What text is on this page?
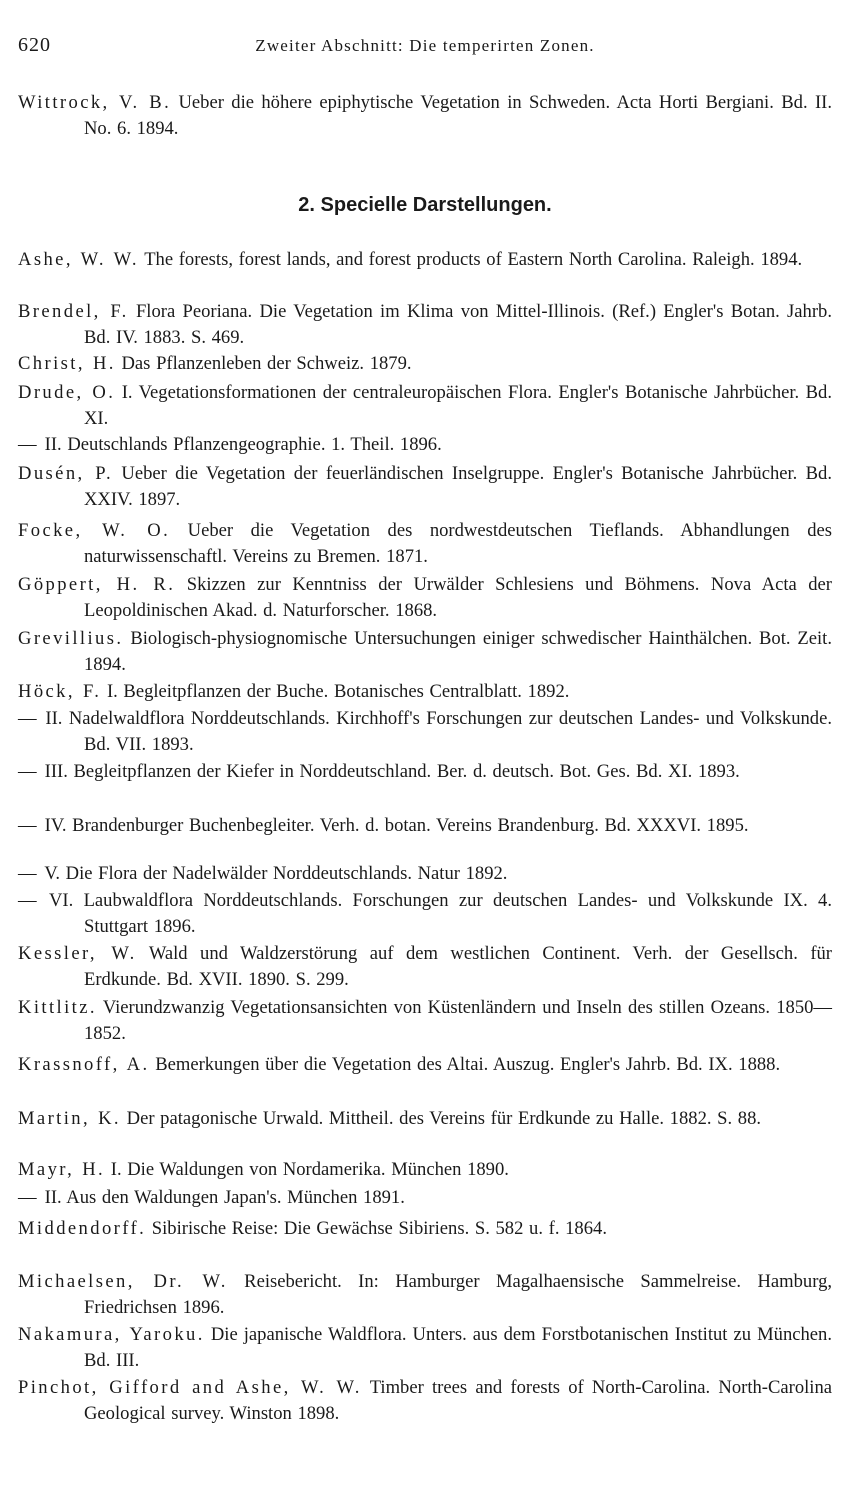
620	Zweiter Abschnitt: Die temperirten Zonen.

Wittrock, V. B. Ueber die höhere epiphytische Vegetation in Schweden. Acta Horti Bergiani. Bd. II. No. 6. 1894.

2. Specielle Darstellungen.

Ashe, W. W. The forests, forest lands, and forest products of Eastern North Carolina. Raleigh. 1894.

Brendel, F. Flora Peoriana. Die Vegetation im Klima von Mittel-Illinois. (Ref.) Engler's Botan. Jahrb. Bd. IV. 1883. S. 469.

Christ, H. Das Pflanzenleben der Schweiz. 1879.

Drude, O. I. Vegetationsformationen der centraleuropäischen Flora. Engler's Botanische Jahrbücher. Bd. XI.

— II. Deutschlands Pflanzengeographie. 1. Theil. 1896.

Dusén, P. Ueber die Vegetation der feuerländischen Inselgruppe. Engler's Botanische Jahrbücher. Bd. XXIV. 1897.

Focke, W. O. Ueber die Vegetation des nordwestdeutschen Tieflands. Abhandlungen des naturwissenschaftl. Vereins zu Bremen. 1871.

Göppert, H. R. Skizzen zur Kenntniss der Urwälder Schlesiens und Böhmens. Nova Acta der Leopoldinischen Akad. d. Naturforscher. 1868.

Grevillius. Biologisch-physiognomische Untersuchungen einiger schwedischer Hainthälchen. Bot. Zeit. 1894.

Höck, F. I. Begleitpflanzen der Buche. Botanisches Centralblatt. 1892.

— II. Nadelwaldflora Norddeutschlands. Kirchhoff's Forschungen zur deutschen Landes- und Volkskunde. Bd. VII. 1893.

— III. Begleitpflanzen der Kiefer in Norddeutschland. Ber. d. deutsch. Bot. Ges. Bd. XI. 1893.

— IV. Brandenburger Buchenbegleiter. Verh. d. botan. Vereins Brandenburg. Bd. XXXVI. 1895.

— V. Die Flora der Nadelwälder Norddeutschlands. Natur 1892.

— VI. Laubwaldflora Norddeutschlands. Forschungen zur deutschen Landes- und Volkskunde IX. 4. Stuttgart 1896.

Kessler, W. Wald und Waldzerstörung auf dem westlichen Continent. Verh. der Gesellsch. für Erdkunde. Bd. XVII. 1890. S. 299.

Kittlitz. Vierundzwanzig Vegetationsansichten von Küstenländern und Inseln des stillen Ozeans. 1850—1852.

Krassnoff, A. Bemerkungen über die Vegetation des Altai. Auszug. Engler's Jahrb. Bd. IX. 1888.

Martin, K. Der patagonische Urwald. Mittheil. des Vereins für Erdkunde zu Halle. 1882. S. 88.

Mayr, H. I. Die Waldungen von Nordamerika. München 1890.

— II. Aus den Waldungen Japan's. München 1891.

Middendorff. Sibirische Reise: Die Gewächse Sibiriens. S. 582 u. f. 1864.

Michaelsen, Dr. W. Reisebericht. In: Hamburger Magalhaensische Sammelreise. Hamburg, Friedrichsen 1896.

Nakamura, Yaroku. Die japanische Waldflora. Unters. aus dem Forstbotanischen Institut zu München. Bd. III.

Pinchot, Gifford and Ashe, W. W. Timber trees and forests of North-Carolina. North-Carolina Geological survey. Winston 1898.
